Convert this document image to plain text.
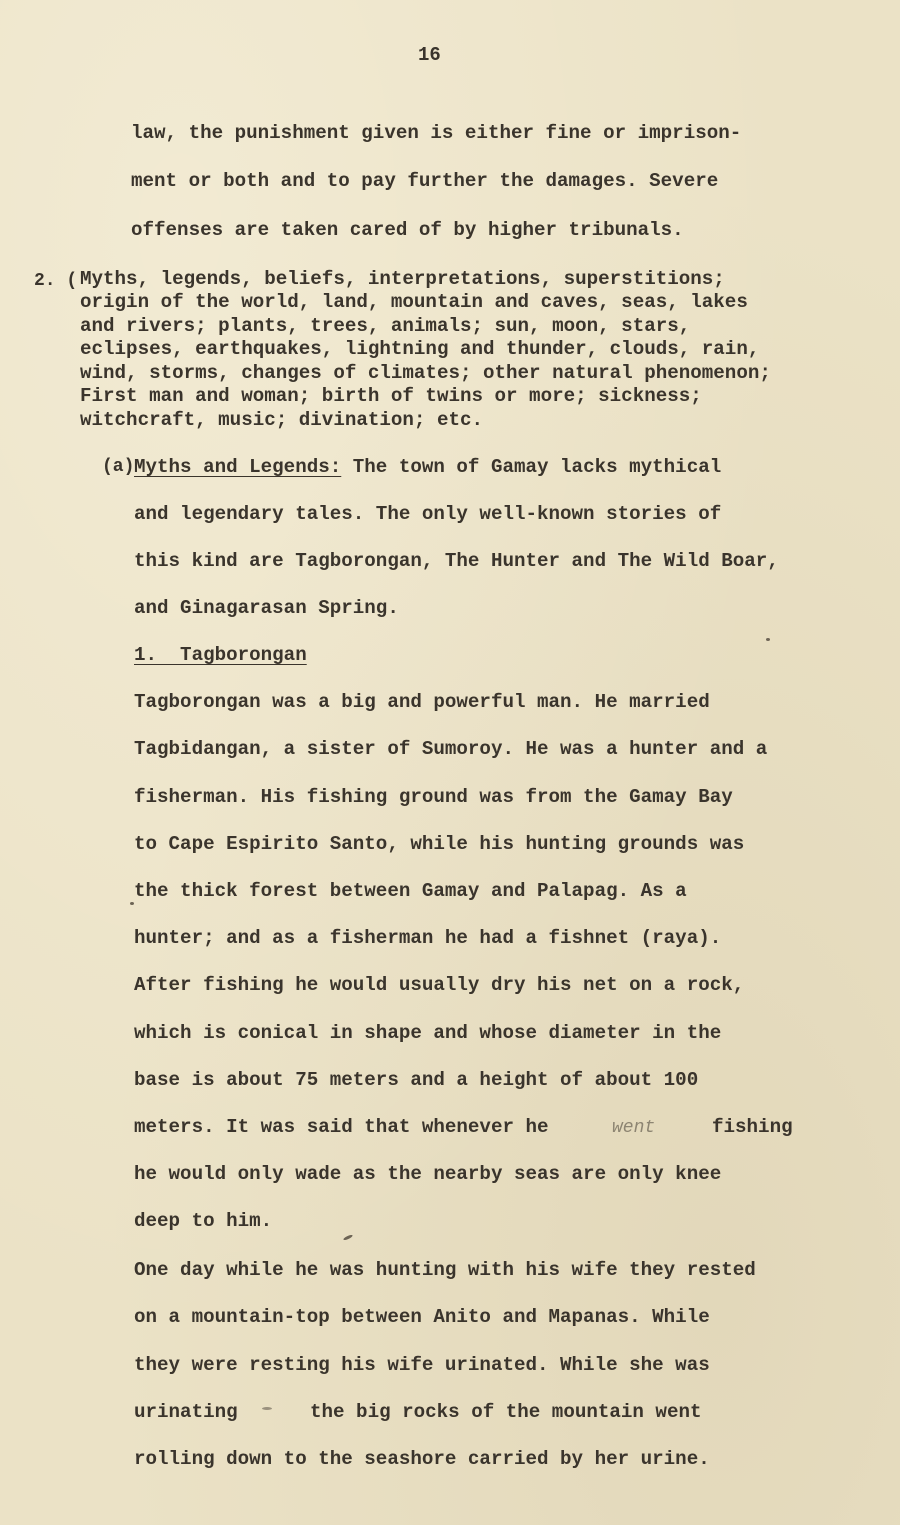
16
law, the punishment given is either fine or imprison-
ment or both and to pay further the damages. Severe
offenses are taken cared of by higher tribunals.
2. ( Myths, legends, beliefs, interpretations, superstitions;
origin of the world, land, mountain and caves, seas, lakes
and rivers; plants, trees, animals; sun, moon, stars,
eclipses, earthquakes, lightning and thunder, clouds, rain,
wind, storms, changes of climates; other natural phenomenon;
First man and woman; birth of twins or more; sickness;
witchcraft, music; divination; etc.
(a) Myths and Legends: The town of Gamay lacks mythical
and legendary tales. The only well-known stories of
this kind are Tagborongan, The Hunter and The Wild Boar,
and Ginagarasan Spring.
1.  Tagborongan
Tagborongan was a big and powerful man. He married
Tagbidangan, a sister of Sumoroy. He was a hunter and a
fisherman. His fishing ground was from the Gamay Bay
to Cape Espirito Santo, while his hunting grounds was
the thick forest between Gamay and Palapag. As a
hunter; and as a fisherman he had a fishnet (raya).
After fishing he would usually dry his net on a rock,
which is conical in shape and whose diameter in the
base is about 75 meters and a height of about 100
meters. It was said that whenever he	went	fishing
he would only wade as the nearby seas are only knee
deep to him.
One day while he was hunting with his wife they rested
on a mountain-top between Anito and Mapanas. While
they were resting his wife urinated. While she was
urinating	the big rocks of the mountain went
rolling down to the seashore carried by her urine.
